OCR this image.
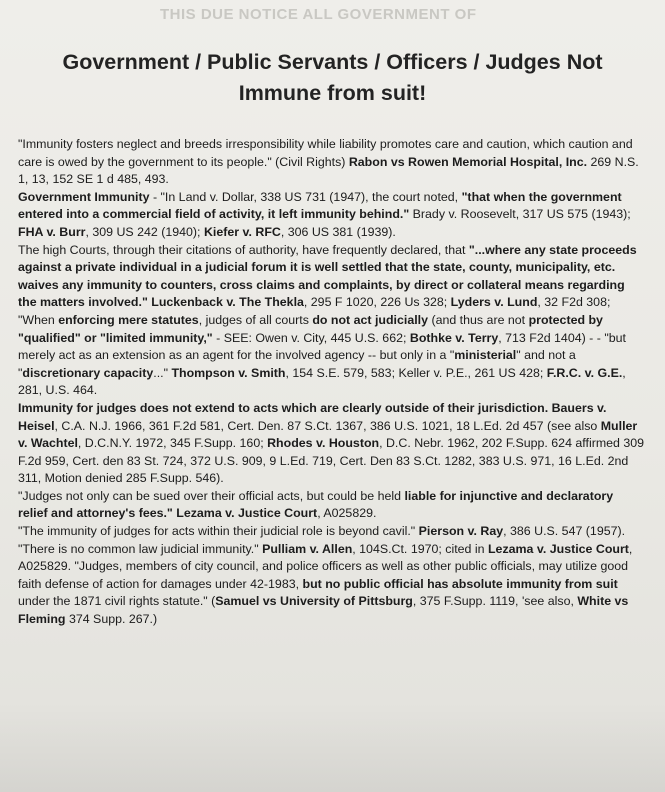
THIS DUE NOTICE ALL GOVERNMENT OF
Government / Public Servants / Officers / Judges Not
Immune from suit!

"Immunity fosters neglect and breeds irresponsibility while liability promotes care and caution, which caution and care is owed by the government to its people." (Civil Rights) Rabon vs Rowen Memorial Hospital, Inc. 269 N.S. 1, 13, 152 SE 1 d 485, 493.

Government Immunity - "In Land v. Dollar, 338 US 731 (1947), the court noted, "that when the government entered into a commercial field of activity, it left immunity behind." Brady v. Roosevelt, 317 US 575 (1943); FHA v. Burr, 309 US 242 (1940); Kiefer v. RFC, 306 US 381 (1939).

The high Courts, through their citations of authority, have frequently declared, that "...where any state proceeds against a private individual in a judicial forum it is well settled that the state, county, municipality, etc. waives any immunity to counters, cross claims and complaints, by direct or collateral means regarding the matters involved." Luckenback v. The Thekla, 295 F 1020, 226 Us 328; Lyders v. Lund, 32 F2d 308;

"When enforcing mere statutes, judges of all courts do not act judicially (and thus are not protected by "qualified" or "limited immunity," - SEE: Owen v. City, 445 U.S. 662; Bothke v. Terry, 713 F2d 1404) - - "but merely act as an extension as an agent for the involved agency -- but only in a "ministerial" and not a "discretionary capacity..." Thompson v. Smith, 154 S.E. 579, 583; Keller v. P.E., 261 US 428; F.R.C. v. G.E., 281, U.S. 464.

Immunity for judges does not extend to acts which are clearly outside of their jurisdiction. Bauers v. Heisel, C.A. N.J. 1966, 361 F.2d 581, Cert. Den. 87 S.Ct. 1367, 386 U.S. 1021, 18 L.Ed. 2d 457 (see also Muller v. Wachtel, D.C.N.Y. 1972, 345 F.Supp. 160; Rhodes v. Houston, D.C. Nebr. 1962, 202 F.Supp. 624 affirmed 309 F.2d 959, Cert. den 83 St. 724, 372 U.S. 909, 9 L.Ed. 719, Cert. Den 83 S.Ct. 1282, 383 U.S. 971, 16 L.Ed. 2nd 311, Motion denied 285 F.Supp. 546).

"Judges not only can be sued over their official acts, but could be held liable for injunctive and declaratory relief and attorney's fees." Lezama v. Justice Court, A025829.

"The immunity of judges for acts within their judicial role is beyond cavil." Pierson v. Ray, 386 U.S. 547 (1957). "There is no common law judicial immunity." Pulliam v. Allen, 104S.Ct. 1970; cited in Lezama v. Justice Court, A025829. "Judges, members of city council, and police officers as well as other public officials, may utilize good faith defense of action for damages under 42-1983, but no public official has absolute immunity from suit under the 1871 civil rights statute." (Samuel vs University of Pittsburg, 375 F.Supp. 1119, 'see also, White vs Fleming 374 Supp. 267.)
